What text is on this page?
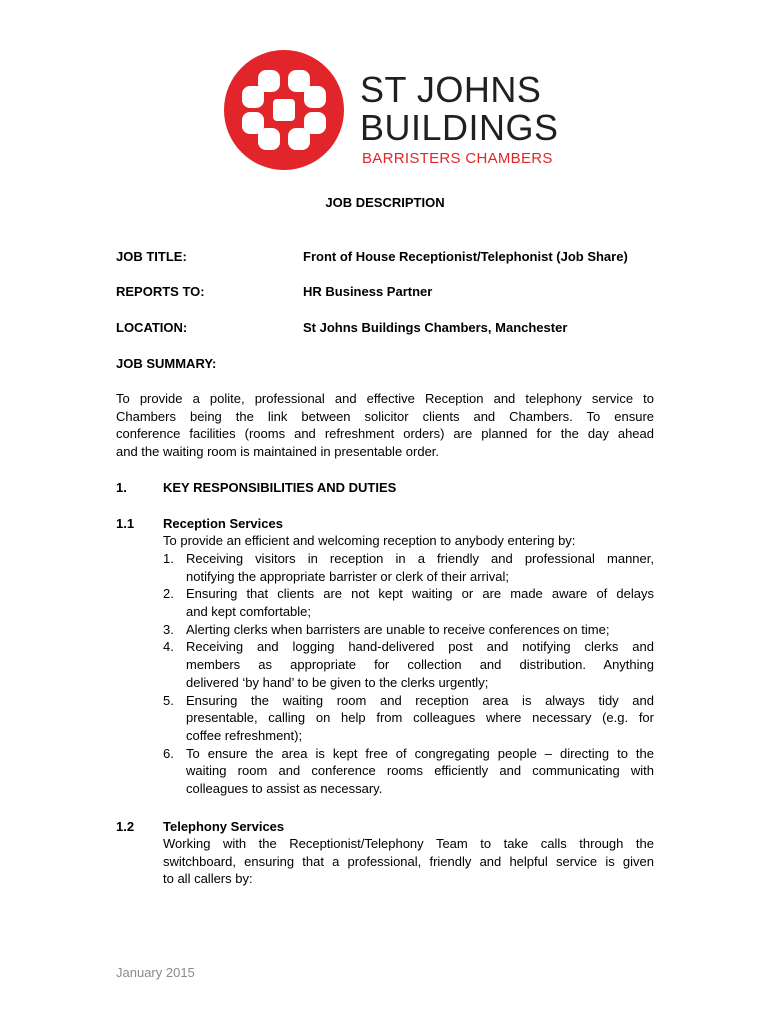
ST JOHNS
BUILDINGS
BARRISTERS CHAMBERS
JOB DESCRIPTION
JOB TITLE:	Front of House Receptionist/Telephonist (Job Share)
REPORTS TO:	HR Business Partner
LOCATION:	St Johns Buildings Chambers, Manchester
JOB SUMMARY:
To provide a polite, professional and effective Reception and telephony service to
Chambers being the link between solicitor clients and Chambers. To ensure
conference facilities (rooms and refreshment orders) are planned for the day ahead
and the waiting room is maintained in presentable order.
1.	KEY RESPONSIBILITIES AND DUTIES
1.1 Reception Services
To provide an efficient and welcoming reception to anybody entering by:
1. Receiving visitors in reception in a friendly and professional manner,
notifying the appropriate barrister or clerk of their arrival;
2. Ensuring that clients are not kept waiting or are made aware of delays
and kept comfortable;
3. Alerting clerks when barristers are unable to receive conferences on time;
4. Receiving and logging hand-delivered post and notifying clerks and
members as appropriate for collection and distribution. Anything
delivered ‘by hand’ to be given to the clerks urgently;
5. Ensuring the waiting room and reception area is always tidy and
presentable, calling on help from colleagues where necessary (e.g. for
coffee refreshment);
6. To ensure the area is kept free of congregating people – directing to the
waiting room and conference rooms efficiently and communicating with
colleagues to assist as necessary.
1.2 Telephony Services
Working with the Receptionist/Telephony Team to take calls through the
switchboard, ensuring that a professional, friendly and helpful service is given
to all callers by:
January 2015
